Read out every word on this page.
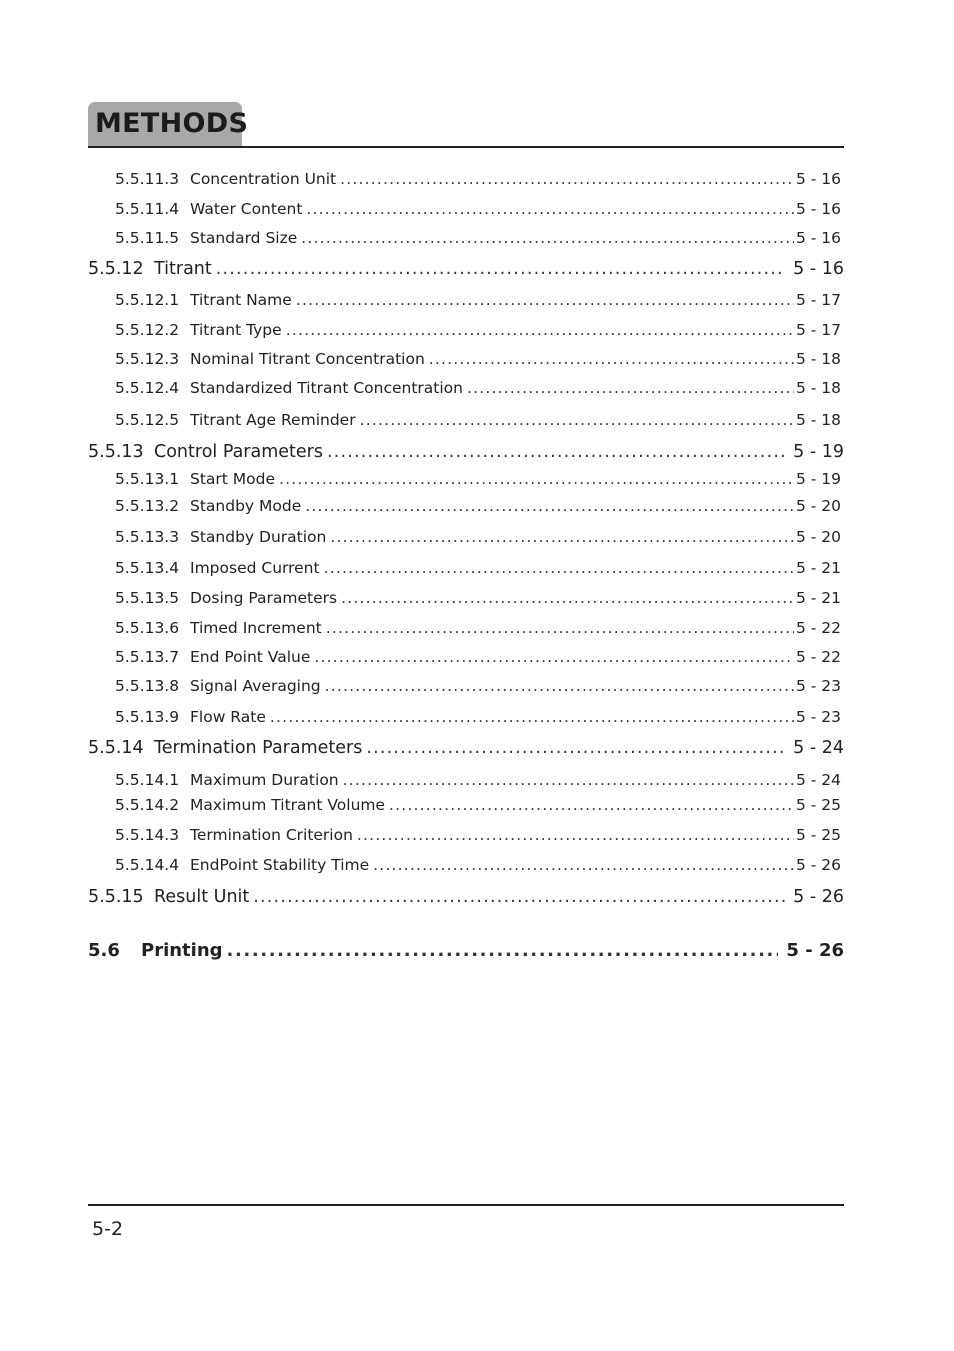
METHODS
5.5.11.3 Concentration Unit .....	5 - 16
5.5.11.4 Water Content .....	5 - 16
5.5.11.5 Standard Size .....	5 - 16
5.5.12 Titrant .....	5 - 16
5.5.12.1 Titrant Name .....	5 - 17
5.5.12.2 Titrant Type .....	5 - 17
5.5.12.3 Nominal Titrant Concentration .....	5 - 18
5.5.12.4 Standardized Titrant Concentration .....	5 - 18
5.5.12.5 Titrant Age Reminder .....	5 - 18
5.5.13 Control Parameters .....	5 - 19
5.5.13.1 Start Mode .....	5 - 19
5.5.13.2 Standby Mode .....	5 - 20
5.5.13.3 Standby Duration .....	5 - 20
5.5.13.4 Imposed Current .....	5 - 21
5.5.13.5 Dosing Parameters .....	5 - 21
5.5.13.6 Timed Increment .....	5 - 22
5.5.13.7 End Point Value .....	5 - 22
5.5.13.8 Signal Averaging .....	5 - 23
5.5.13.9 Flow Rate .....	5 - 23
5.5.14 Termination Parameters .....	5 - 24
5.5.14.1 Maximum Duration .....	5 - 24
5.5.14.2 Maximum Titrant Volume .....	5 - 25
5.5.14.3 Termination Criterion .....	5 - 25
5.5.14.4 EndPoint Stability Time .....	5 - 26
5.5.15 Result Unit .....	5 - 26
5.6	Printing .....	5 - 26
5-2
